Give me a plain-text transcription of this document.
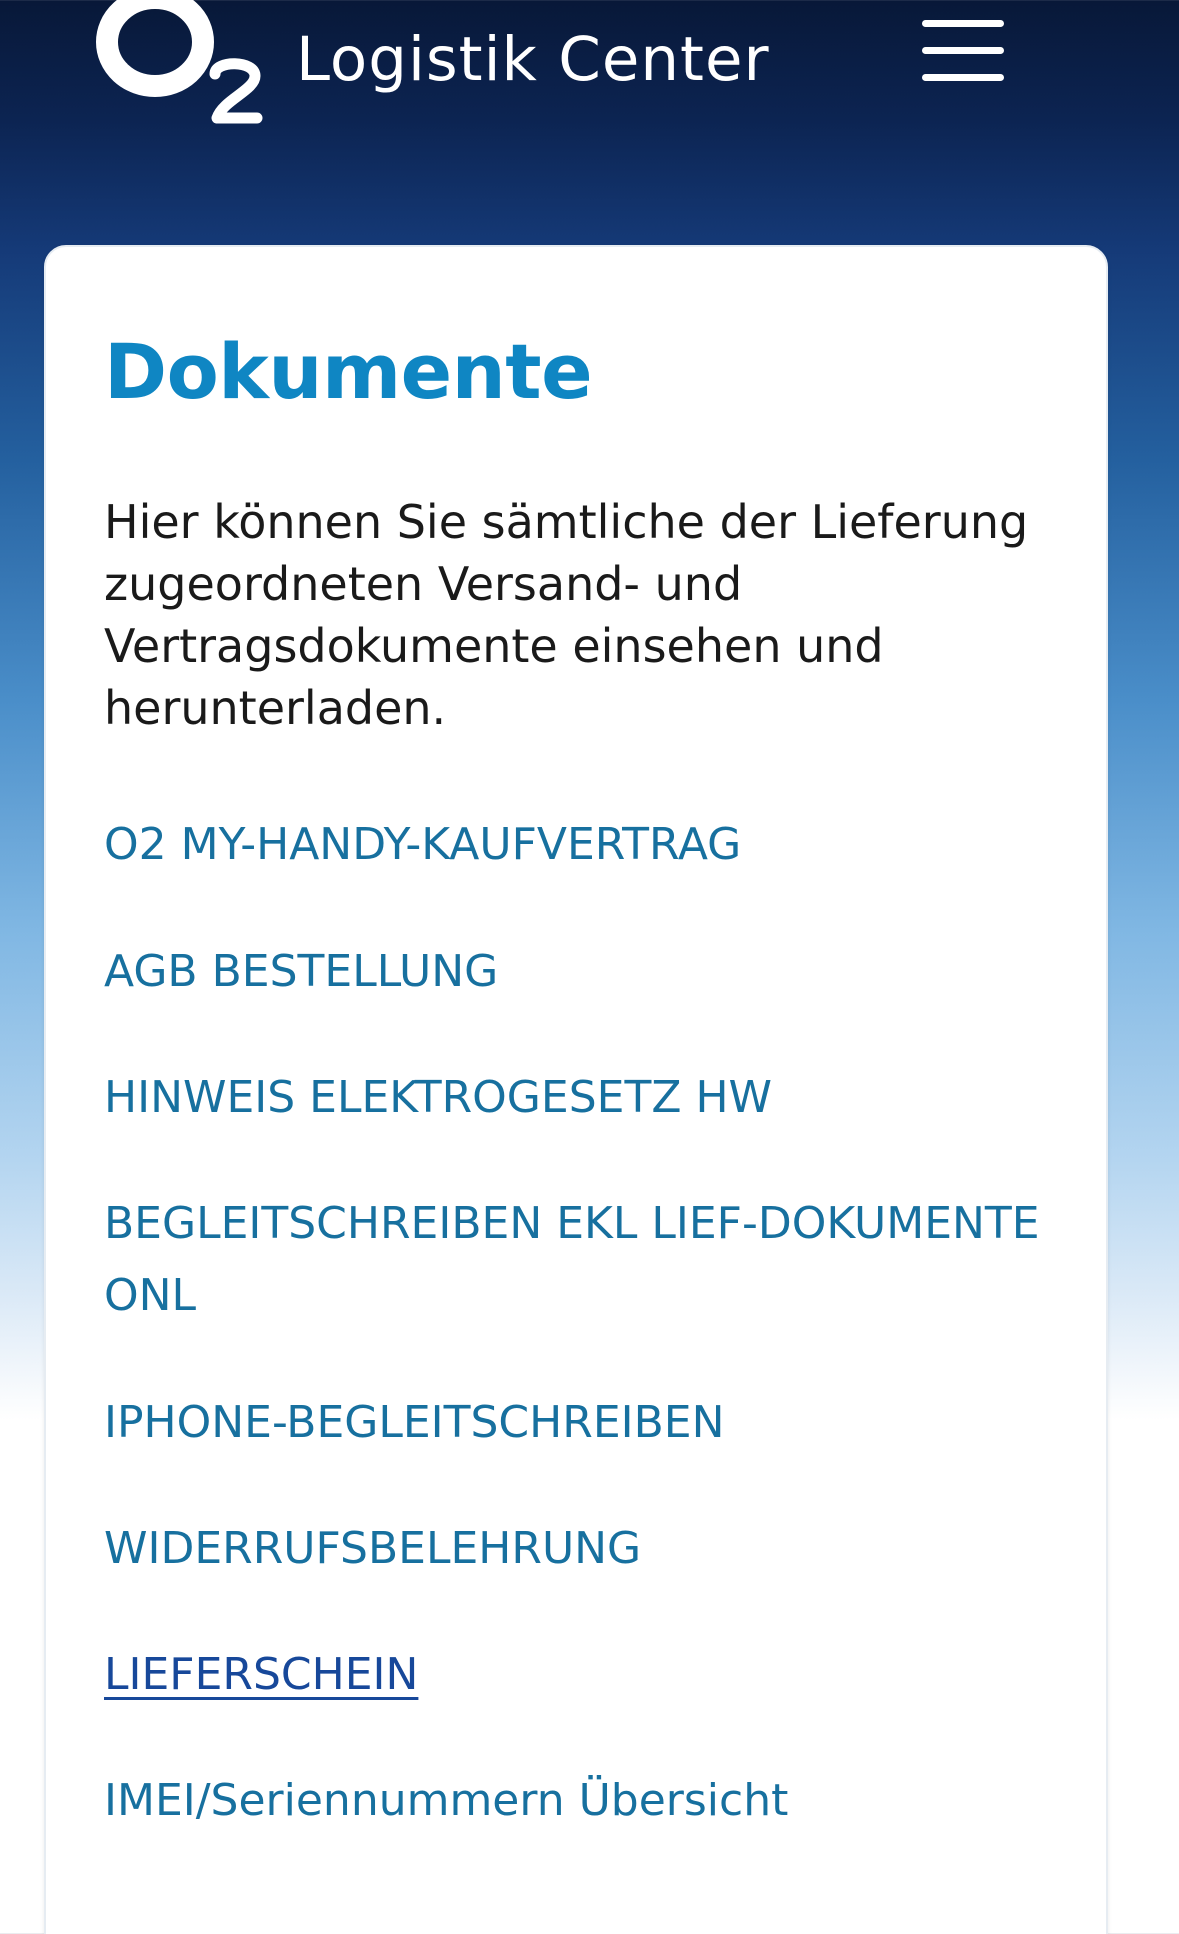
Logistik Center
Dokumente

Hier können Sie sämtliche der Lieferung zugeordneten Versand- und Vertragsdokumente einsehen und herunterladen.

O2 MY-HANDY-KAUFVERTRAG
AGB BESTELLUNG
HINWEIS ELEKTROGESETZ HW
BEGLEITSCHREIBEN EKL LIEF-DOKUMENTE ONL
IPHONE-BEGLEITSCHREIBEN
WIDERRUFSBELEHRUNG
LIEFERSCHEIN
IMEI/Seriennummern Übersicht
